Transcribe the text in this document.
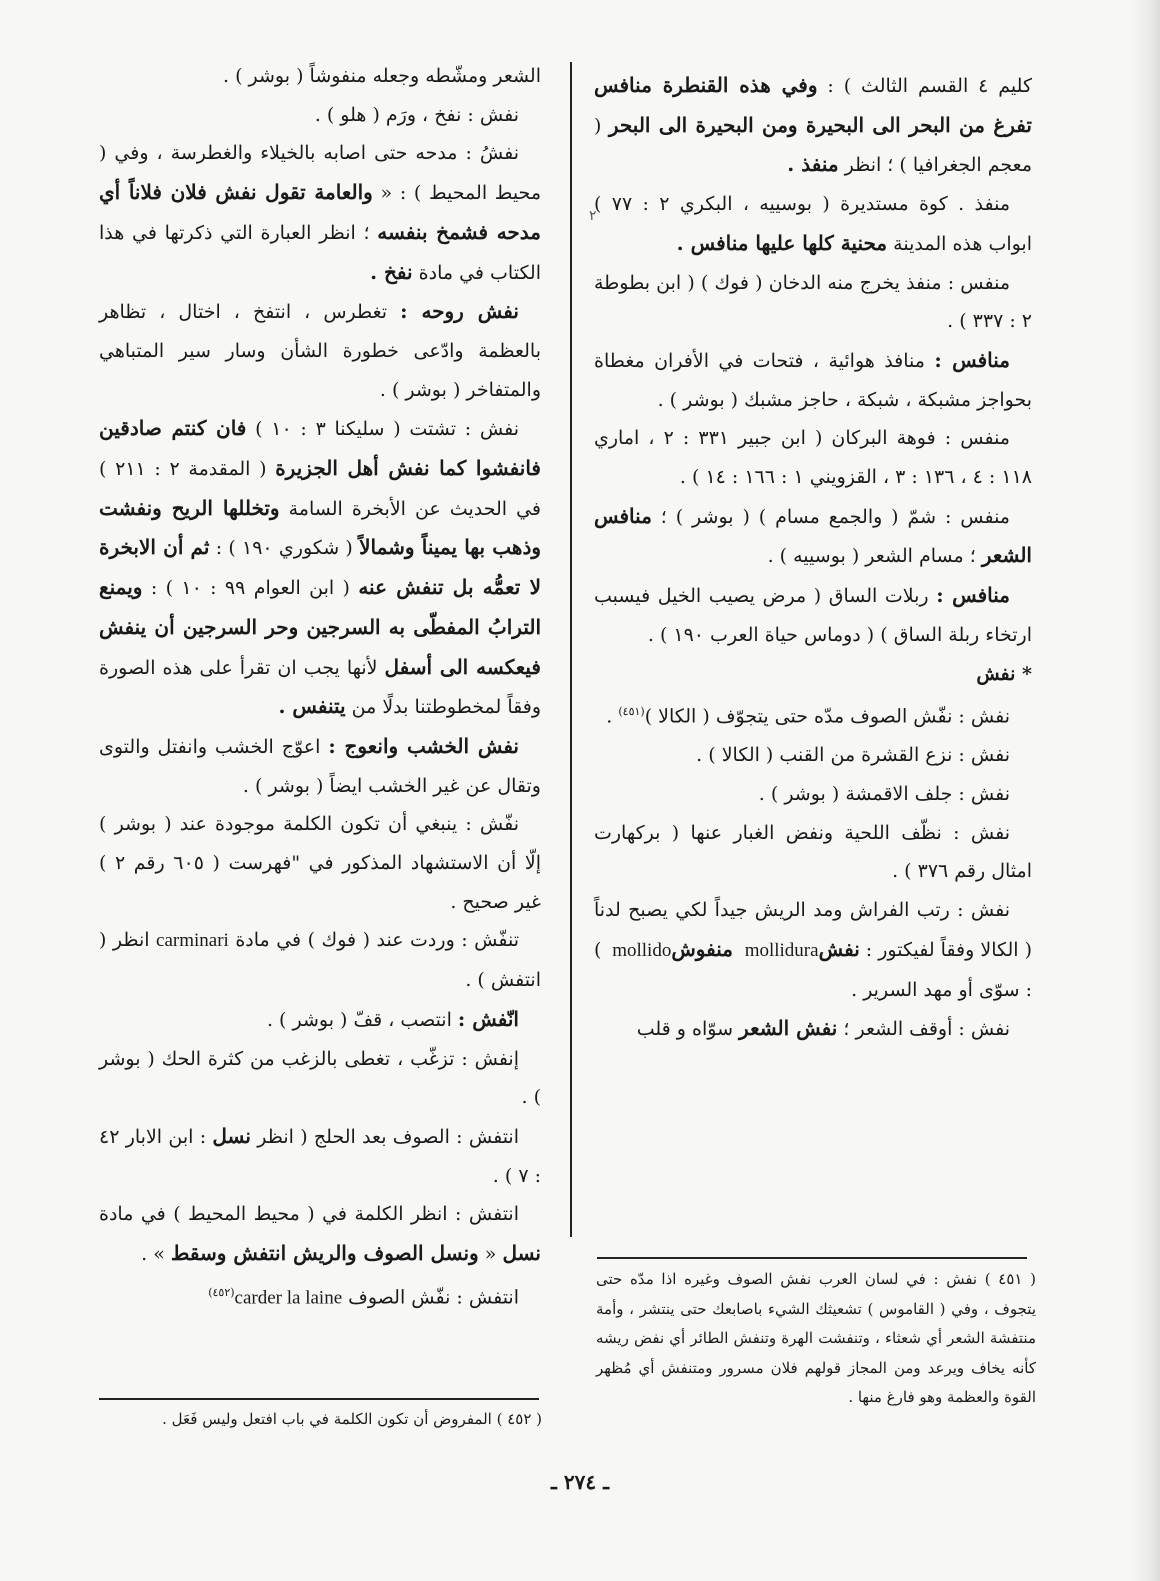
٢

كليم ٤ القسم الثالث ) : وفي هذه القنطرة منافس تفرغ من البحر الى البحيرة ومن البحيرة الى البحر ( معجم الجغرافيا ) ؛ انظر منفذ .

منفذ . كوة مستديرة ( بوسييه ، البكري ٢ : ٧٧ ) ابواب هذه المدينة محنية كلها عليها منافس .

منفس : منفذ يخرج منه الدخان ( فوك ) ( ابن بطوطة ٢ : ٣٣٧ ) .

منافس : منافذ هوائية ، فتحات في الأفران مغطاة بحواجز مشبكة ، شبكة ، حاجز مشبك ( بوشر ) .

منفس : فوهة البركان ( ابن جبير ٣٣١ : ٢ ، اماري ١١٨ : ٤ ، ١٣٦ : ٣ ، القزويني ١ : ١٦٦ : ١٤ ) .

منفس : شمّ ( والجمع مسام ) ( بوشر ) ؛ منافس الشعر ؛ مسام الشعر ( بوسييه ) .

منافس : ربلات الساق ( مرض يصيب الخيل فيسبب ارتخاء ربلة الساق ) ( دوماس حياة العرب ١٩٠ ) .

* نفش

نفش : نفّش الصوف مدّه حتى يتجوّف ( الكالا )$^{(٤٥١)}$ .

نفش : نزع القشرة من القنب ( الكالا ) .

نفش : جلف الاقمشة ( بوشر ) .

نفش : نظّف اللحية ونفض الغبار عنها ( بركهارت امثال رقم ٣٧٦ ) .

نفش : رتب الفراش ومد الريش جيداً لكي يصبح لدناً ( الكالا وفقاً لفيكتور : نفش mollidura منفوش mollido ) : سوّى أو مهد السرير .

نفش : أوقف الشعر ؛ نفش الشعر سوّاه و قلب

الشعر ومشّطه وجعله منفوشاً ( بوشر ) .

نفش : نفخ ، ورَم ( هلو ) .

نفشُ : مدحه حتى اصابه بالخيلاء والغطرسة ، وفي ( محيط المحيط ) : « والعامة تقول نفش فلان فلاناً أي مدحه فشمخ بنفسه ؛ انظر العبارة التي ذكرتها في هذا الكتاب في مادة نفخ .

نفش روحه : تغطرس ، انتفخ ، اختال ، تظاهر بالعظمة وادّعى خطورة الشأن وسار سير المتباهي والمتفاخر ( بوشر ) .

نفش : تشتت ( سليكنا ٣ : ١٠ ) فان كنتم صادقين فانفشوا كما نفش أهل الجزيرة ( المقدمة ٢ : ٢١١ ) في الحديث عن الأبخرة السامة وتخللها الريح ونفشت وذهب بها يميناً وشمالاً ( شكوري ١٩٠ ) : ثم أن الابخرة لا تعمُّه بل تنفش عنه ( ابن العوام ٩٩ : ١٠ ) : ويمنع الترابُ المفطّى به السرجين وحر السرجين أن ينفش فيعكسه الى أسفل لأنها يجب ان تقرأ على هذه الصورة وفقاً لمخطوطتنا بدلًا من يتنفس .

نفش الخشب وانعوج : اعوّج الخشب وانفتل والتوى وتقال عن غير الخشب ايضاً ( بوشر ) .

نفّش : ينبغي أن تكون الكلمة موجودة عند ( بوشر ) إلّا أن الاستشهاد المذكور في "فهرست ( ٦٠٥ رقم ٢ ) غير صحيح .

تنفّش : وردت عند ( فوك ) في مادة carminari انظر ( انتفش ) .

انّفش : انتصب ، قفّ ( بوشر ) .

إنفش : تزغّب ، تغطى بالزغب من كثرة الحك ( بوشر ) .

انتفش : الصوف بعد الحلج ( انظر نسل : ابن الابار ٤٢ : ٧ ) .

انتفش : انظر الكلمة في ( محيط المحيط ) في مادة نسل « ونسل الصوف والريش انتفش وسقط » .

انتفش : نفّش الصوف carder la laine$^{(٤٥٢)}$

( ٤٥١ ) نفش : في لسان العرب نفش الصوف وغيره اذا مدّه حتى يتجوف ، وفي ( القاموس ) تشعيثك الشيء باصابعك حتى ينتشر ، وأمة منتفشة الشعر أي شعثاء ، وتنفشت الهرة وتنفش الطائر أي نفض ريشه كأنه يخاف ويرعد ومن المجاز قولهم فلان مسرور ومتنفش أي مُظهر القوة والعظمة وهو فارغ منها .
( ٤٥٢ ) المفروض أن تكون الكلمة في باب افتعل وليس فَعَل .
ـ ٢٧٤ ـ
